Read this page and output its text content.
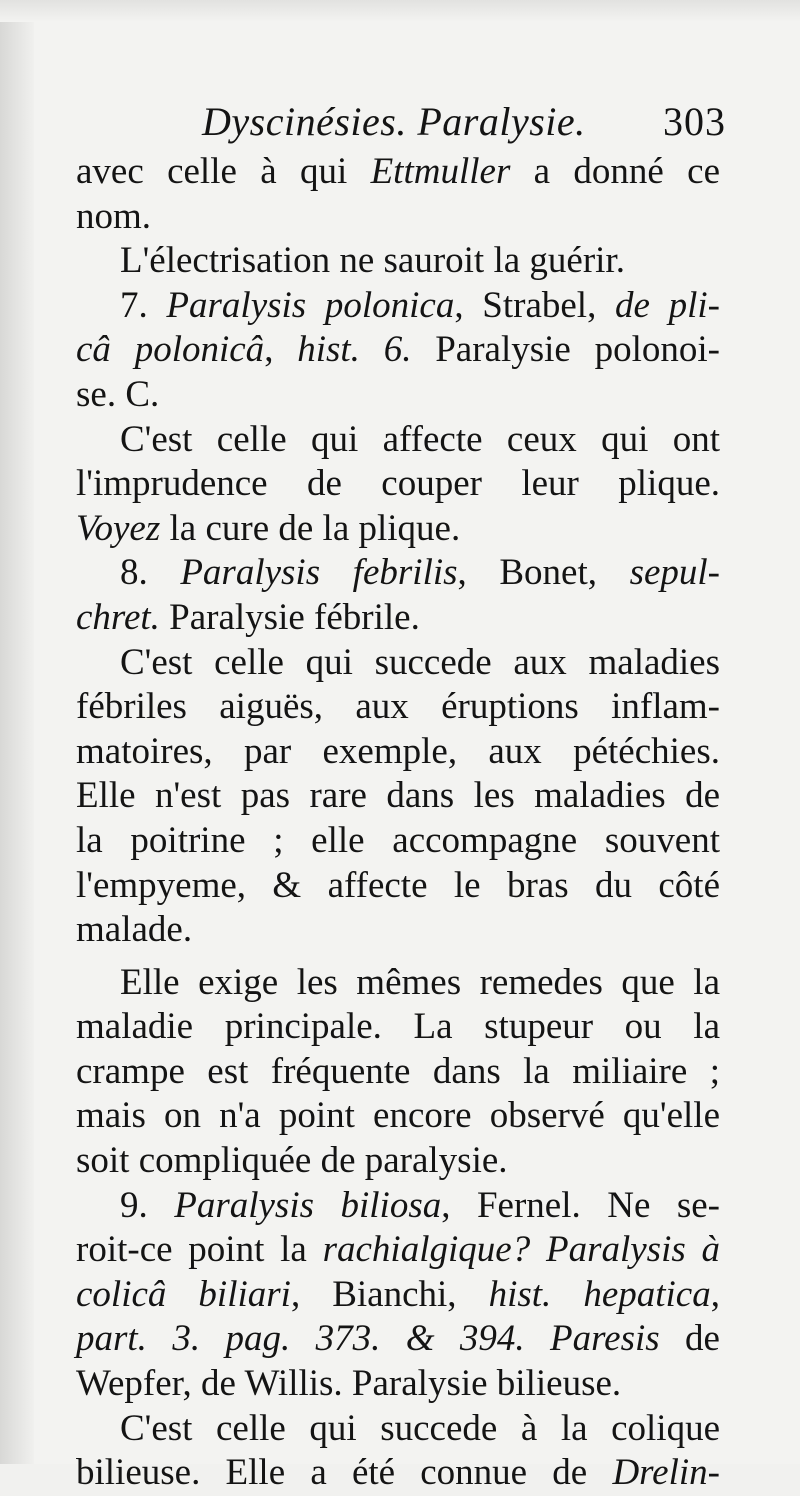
Dyscinésies. Paralysie. 303
avec celle à qui Ettmuller a donné ce
nom.
L'électrisation ne sauroit la guérir.
7. Paralysis polonica, Strabel, de pli-
câ polonicâ, hist. 6. Paralysie polonoi-
se. C.
C'est celle qui affecte ceux qui ont
l'imprudence de couper leur plique.
Voyez la cure de la plique.
8. Paralysis febrilis, Bonet, sepul-
chret. Paralysie fébrile.
C'est celle qui succede aux maladies
fébriles aiguës, aux éruptions inflam-
matoires, par exemple, aux pétéchies.
Elle n'est pas rare dans les maladies de
la poitrine ; elle accompagne souvent
l'empyeme, & affecte le bras du côté
malade.
Elle exige les mêmes remedes que la
maladie principale. La stupeur ou la
crampe est fréquente dans la miliaire ;
mais on n'a point encore observé qu'elle
soit compliquée de paralysie.
9. Paralysis biliosa, Fernel. Ne se-
roit-ce point la rachialgique? Paralysis à
colicâ biliari, Bianchi, hist. hepatica,
part. 3. pag. 373. & 394. Paresis de
Wepfer, de Willis. Paralysie bilieuse.
C'est celle qui succede à la colique
bilieuse. Elle a été connue de Drelin-
